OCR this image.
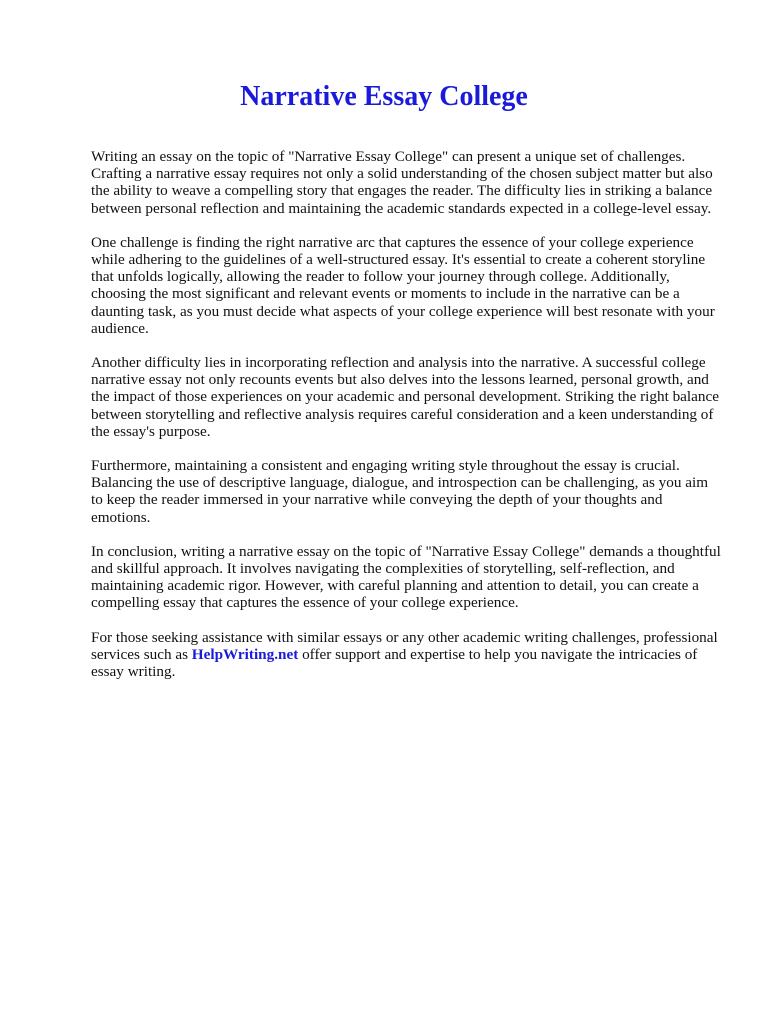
Narrative Essay College

Writing an essay on the topic of "Narrative Essay College" can present a unique set of challenges. Crafting a narrative essay requires not only a solid understanding of the chosen subject matter but also the ability to weave a compelling story that engages the reader. The difficulty lies in striking a balance between personal reflection and maintaining the academic standards expected in a college-level essay.

One challenge is finding the right narrative arc that captures the essence of your college experience while adhering to the guidelines of a well-structured essay. It's essential to create a coherent storyline that unfolds logically, allowing the reader to follow your journey through college. Additionally, choosing the most significant and relevant events or moments to include in the narrative can be a daunting task, as you must decide what aspects of your college experience will best resonate with your audience.

Another difficulty lies in incorporating reflection and analysis into the narrative. A successful college narrative essay not only recounts events but also delves into the lessons learned, personal growth, and the impact of those experiences on your academic and personal development. Striking the right balance between storytelling and reflective analysis requires careful consideration and a keen understanding of the essay's purpose.

Furthermore, maintaining a consistent and engaging writing style throughout the essay is crucial. Balancing the use of descriptive language, dialogue, and introspection can be challenging, as you aim to keep the reader immersed in your narrative while conveying the depth of your thoughts and emotions.

In conclusion, writing a narrative essay on the topic of "Narrative Essay College" demands a thoughtful and skillful approach. It involves navigating the complexities of storytelling, self-reflection, and maintaining academic rigor. However, with careful planning and attention to detail, you can create a compelling essay that captures the essence of your college experience.

For those seeking assistance with similar essays or any other academic writing challenges, professional services such as HelpWriting.net offer support and expertise to help you navigate the intricacies of essay writing.
